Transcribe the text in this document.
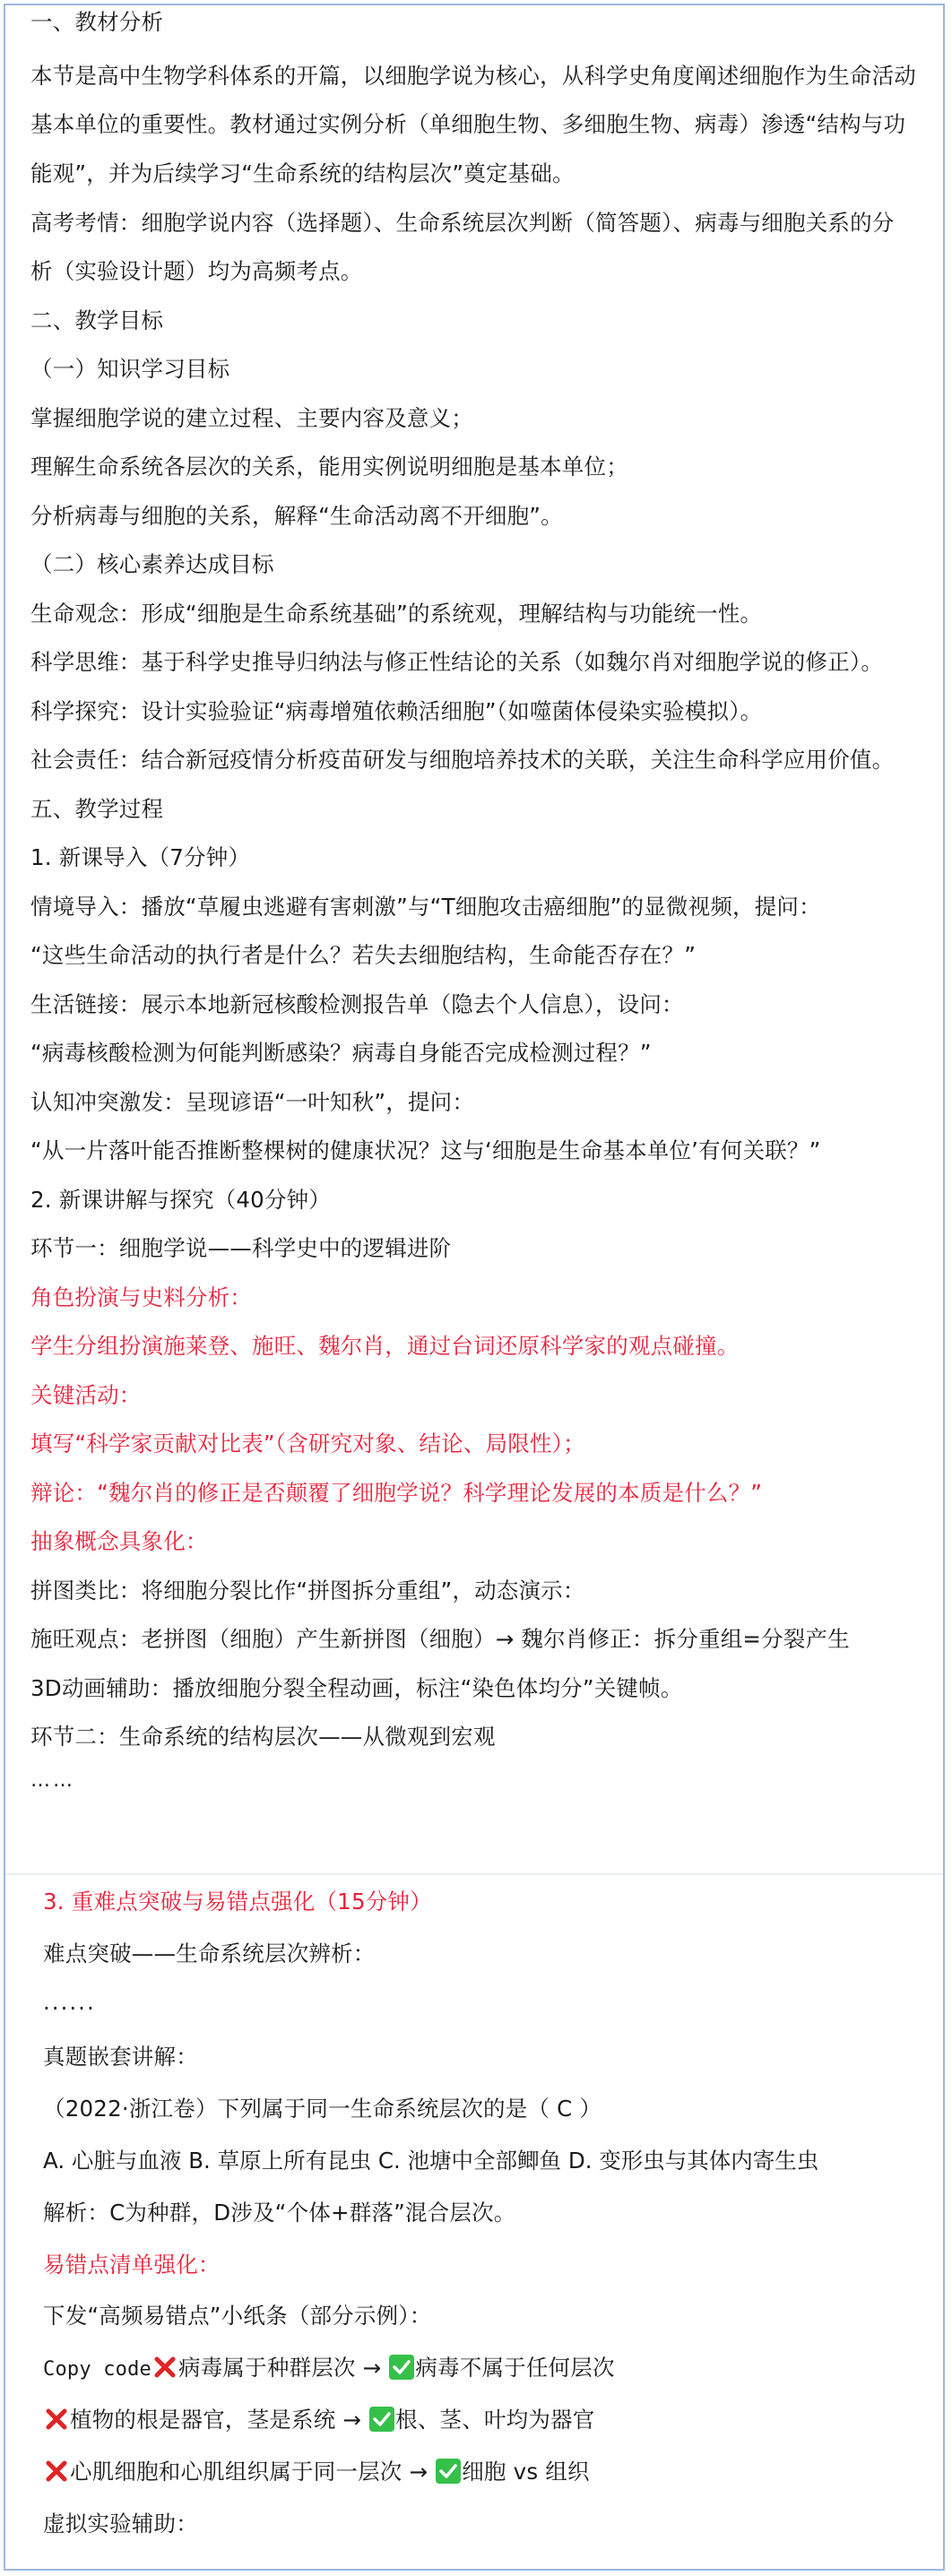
一、教材分析
本节是高中生物学科体系的开篇，以细胞学说为核心，从科学史角度阐述细胞作为生命活动
基本单位的重要性。教材通过实例分析（单细胞生物、多细胞生物、病毒）渗透“结构与功
能观”，并为后续学习“生命系统的结构层次”奠定基础。
高考考情：细胞学说内容（选择题）、生命系统层次判断（简答题）、病毒与细胞关系的分
析（实验设计题）均为高频考点。
二、教学目标
（一）知识学习目标
掌握细胞学说的建立过程、主要内容及意义；
理解生命系统各层次的关系，能用实例说明细胞是基本单位；
分析病毒与细胞的关系，解释“生命活动离不开细胞”。
（二）核心素养达成目标
生命观念：形成“细胞是生命系统基础”的系统观，理解结构与功能统一性。
科学思维：基于科学史推导归纳法与修正性结论的关系（如魏尔肖对细胞学说的修正）。
科学探究：设计实验验证“病毒增殖依赖活细胞”（如噬菌体侵染实验模拟）。
社会责任：结合新冠疫情分析疫苗研发与细胞培养技术的关联，关注生命科学应用价值。
五、教学过程
1. 新课导入（7分钟）
情境导入：播放“草履虫逃避有害刺激”与“T细胞攻击癌细胞”的显微视频，提问：
“这些生命活动的执行者是什么？若失去细胞结构，生命能否存在？”
生活链接：展示本地新冠核酸检测报告单（隐去个人信息），设问：
“病毒核酸检测为何能判断感染？病毒自身能否完成检测过程？”
认知冲突激发：呈现谚语“一叶知秋”，提问：
“从一片落叶能否推断整棵树的健康状况？这与‘细胞是生命基本单位’有何关联？”
2. 新课讲解与探究（40分钟）
环节一：细胞学说——科学史中的逻辑进阶
角色扮演与史料分析：
学生分组扮演施莱登、施旺、魏尔肖，通过台词还原科学家的观点碰撞。
关键活动：
填写“科学家贡献对比表”（含研究对象、结论、局限性）；
辩论：“魏尔肖的修正是否颠覆了细胞学说？科学理论发展的本质是什么？”
抽象概念具象化：
拼图类比：将细胞分裂比作“拼图拆分重组”，动态演示：
施旺观点：老拼图（细胞）产生新拼图（细胞）→ 魏尔肖修正：拆分重组=分裂产生
3D动画辅助：播放细胞分裂全程动画，标注“染色体均分”关键帧。
环节二：生命系统的结构层次——从微观到宏观
……
3. 重难点突破与易错点强化（15分钟）
难点突破——生命系统层次辨析：
......
真题嵌套讲解：
（2022·浙江卷）下列属于同一生命系统层次的是（ C ）
A. 心脏与血液 B. 草原上所有昆虫 C. 池塘中全部鲫鱼 D. 变形虫与其体内寄生虫
解析：C为种群，D涉及“个体+群落”混合层次。
易错点清单强化：
下发“高频易错点”小纸条（部分示例）：
Copy code 病毒属于种群层次 → 病毒不属于任何层次
植物的根是器官，茎是系统 → 根、茎、叶均为器官
心肌细胞和心肌组织属于同一层次 → 细胞 vs 组织
虚拟实验辅助：
